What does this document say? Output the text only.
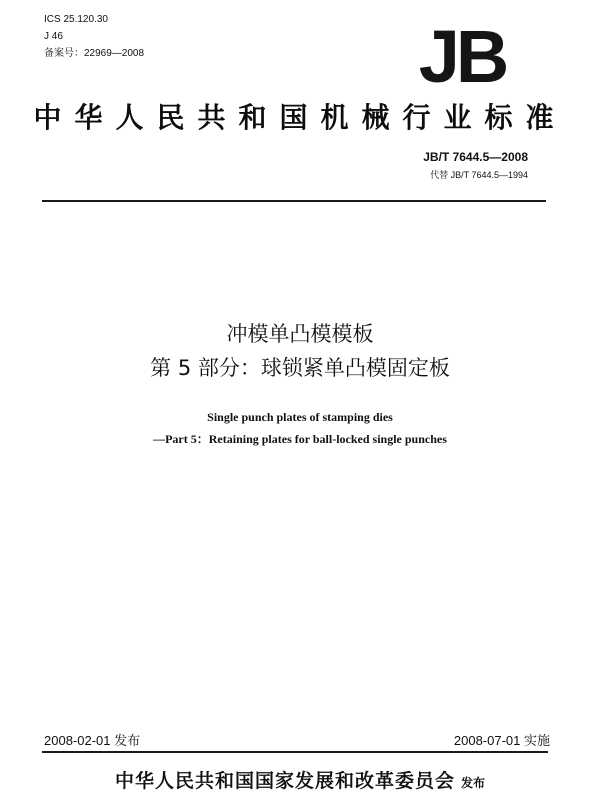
ICS 25.120.30
J 46
备案号：22969—2008	JB
中华人民共和国机械行业标准
JB/T 7644.5—2008
代替 JB/T 7644.5—1994
冲模单凸模模板
第 5 部分：球锁紧单凸模固定板
Single punch plates of stamping dies
—Part 5：Retaining plates for ball-locked single punches
2008-02-01 发布	2008-07-01 实施
中华人民共和国国家发展和改革委员会 发布
